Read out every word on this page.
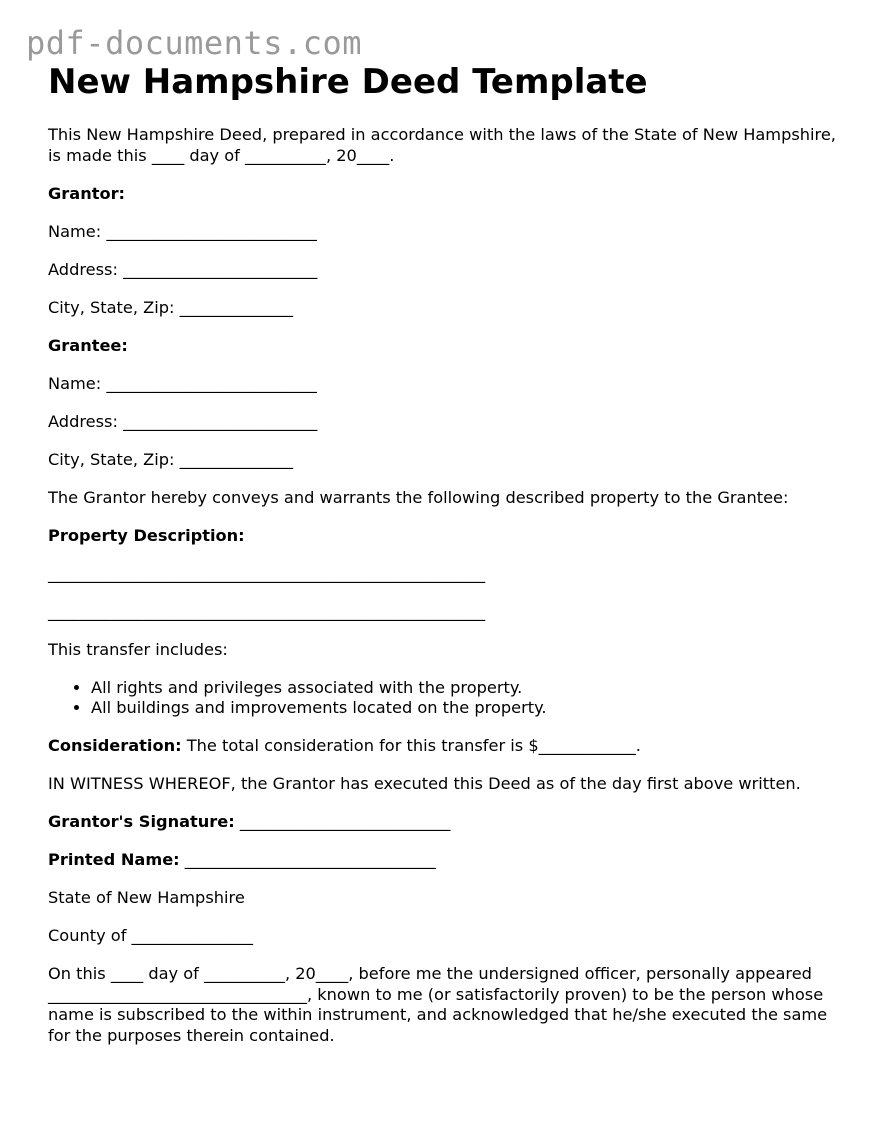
pdf-documents.com
New Hampshire Deed Template

This New Hampshire Deed, prepared in accordance with the laws of the State of New Hampshire, is made this ____ day of __________, 20____.

Grantor:

Name: __________________________

Address: ________________________

City, State, Zip: ______________

Grantee:

Name: __________________________

Address: ________________________

City, State, Zip: ______________

The Grantor hereby conveys and warrants the following described property to the Grantee:

Property Description:

______________________________________________________

______________________________________________________

This transfer includes:

• All rights and privileges associated with the property.
• All buildings and improvements located on the property.

Consideration: The total consideration for this transfer is $____________.

IN WITNESS WHEREOF, the Grantor has executed this Deed as of the day first above written.

Grantor's Signature: __________________________

Printed Name: _______________________________

State of New Hampshire

County of _______________

On this ____ day of __________, 20____, before me the undersigned officer, personally appeared ________________________________, known to me (or satisfactorily proven) to be the person whose name is subscribed to the within instrument, and acknowledged that he/she executed the same for the purposes therein contained.
